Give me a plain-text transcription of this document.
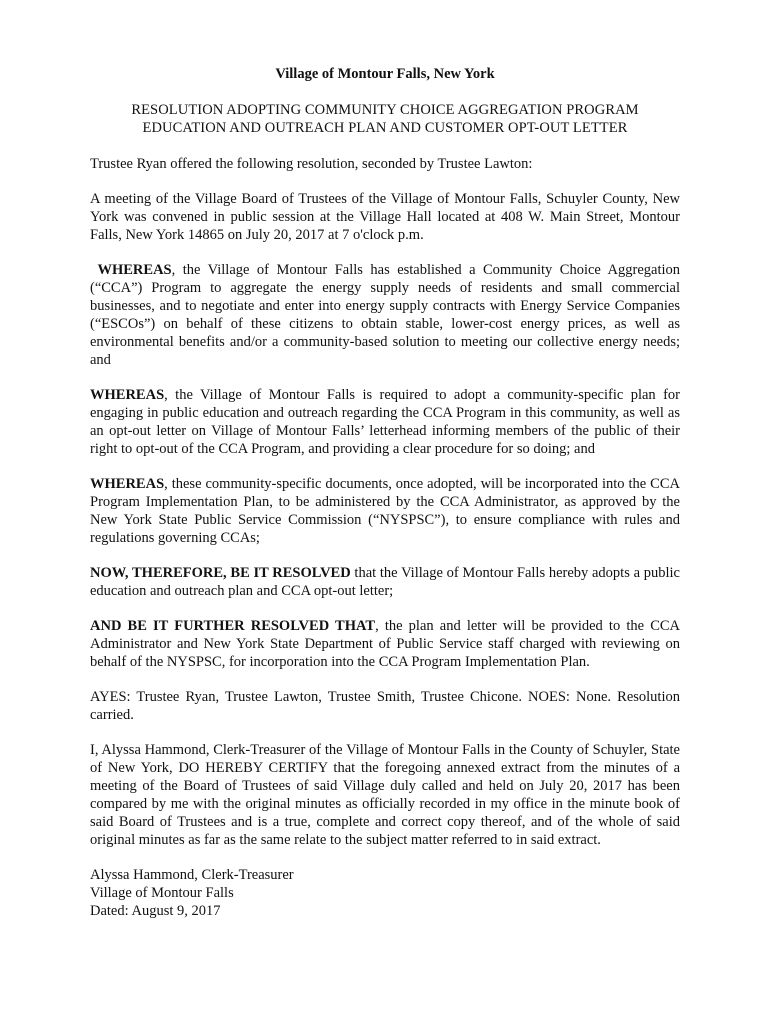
Village of Montour Falls, New York
RESOLUTION ADOPTING COMMUNITY CHOICE AGGREGATION PROGRAM
EDUCATION AND OUTREACH PLAN AND CUSTOMER OPT-OUT LETTER

Trustee Ryan offered the following resolution, seconded by Trustee Lawton:

A meeting of the Village Board of Trustees of the Village of Montour Falls, Schuyler County, New York was convened in public session at the Village Hall located at 408 W. Main Street, Montour Falls, New York 14865 on July 20, 2017 at 7 o'clock p.m.

WHEREAS, the Village of Montour Falls has established a Community Choice Aggregation (“CCA”) Program to aggregate the energy supply needs of residents and small commercial businesses, and to negotiate and enter into energy supply contracts with Energy Service Companies (“ESCOs”) on behalf of these citizens to obtain stable, lower-cost energy prices, as well as environmental benefits and/or a community-based solution to meeting our collective energy needs; and

WHEREAS, the Village of Montour Falls is required to adopt a community-specific plan for engaging in public education and outreach regarding the CCA Program in this community, as well as an opt-out letter on Village of Montour Falls’ letterhead informing members of the public of their right to opt-out of the CCA Program, and providing a clear procedure for so doing; and

WHEREAS, these community-specific documents, once adopted, will be incorporated into the CCA Program Implementation Plan, to be administered by the CCA Administrator, as approved by the New York State Public Service Commission (“NYSPSC”), to ensure compliance with rules and regulations governing CCAs;

NOW, THEREFORE, BE IT RESOLVED that the Village of Montour Falls hereby adopts a public education and outreach plan and CCA opt-out letter;

AND BE IT FURTHER RESOLVED THAT, the plan and letter will be provided to the CCA Administrator and New York State Department of Public Service staff charged with reviewing on behalf of the NYSPSC, for incorporation into the CCA Program Implementation Plan.

AYES: Trustee Ryan, Trustee Lawton, Trustee Smith, Trustee Chicone. NOES: None. Resolution carried.

I, Alyssa Hammond, Clerk-Treasurer of the Village of Montour Falls in the County of Schuyler, State of New York, DO HEREBY CERTIFY that the foregoing annexed extract from the minutes of a meeting of the Board of Trustees of said Village duly called and held on July 20, 2017 has been compared by me with the original minutes as officially recorded in my office in the minute book of said Board of Trustees and is a true, complete and correct copy thereof, and of the whole of said original minutes as far as the same relate to the subject matter referred to in said extract.

Alyssa Hammond, Clerk-Treasurer
Village of Montour Falls
Dated: August 9, 2017
